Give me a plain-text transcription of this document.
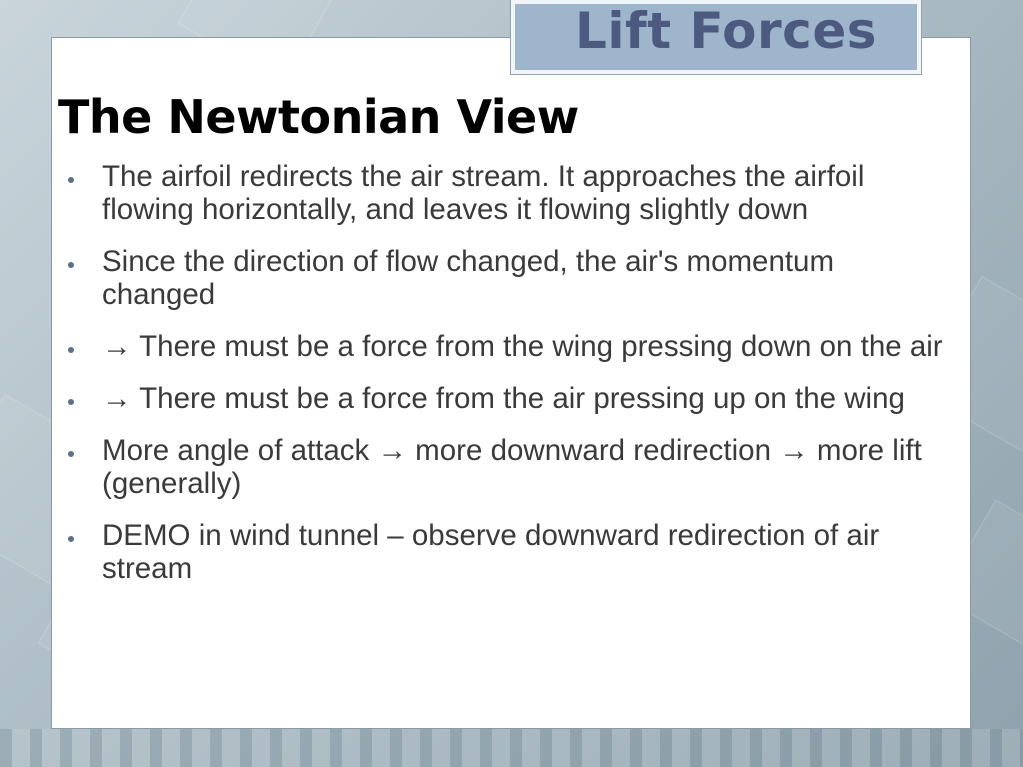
Lift Forces
The Newtonian View
The airfoil redirects the air stream. It approaches the airfoil flowing horizontally, and leaves it flowing slightly down
Since the direction of flow changed, the air's momentum changed
→ There must be a force from the wing pressing down on the air
→ There must be a force from the air pressing up on the wing
More angle of attack → more downward redirection → more lift (generally)
DEMO in wind tunnel – observe downward redirection of air stream
